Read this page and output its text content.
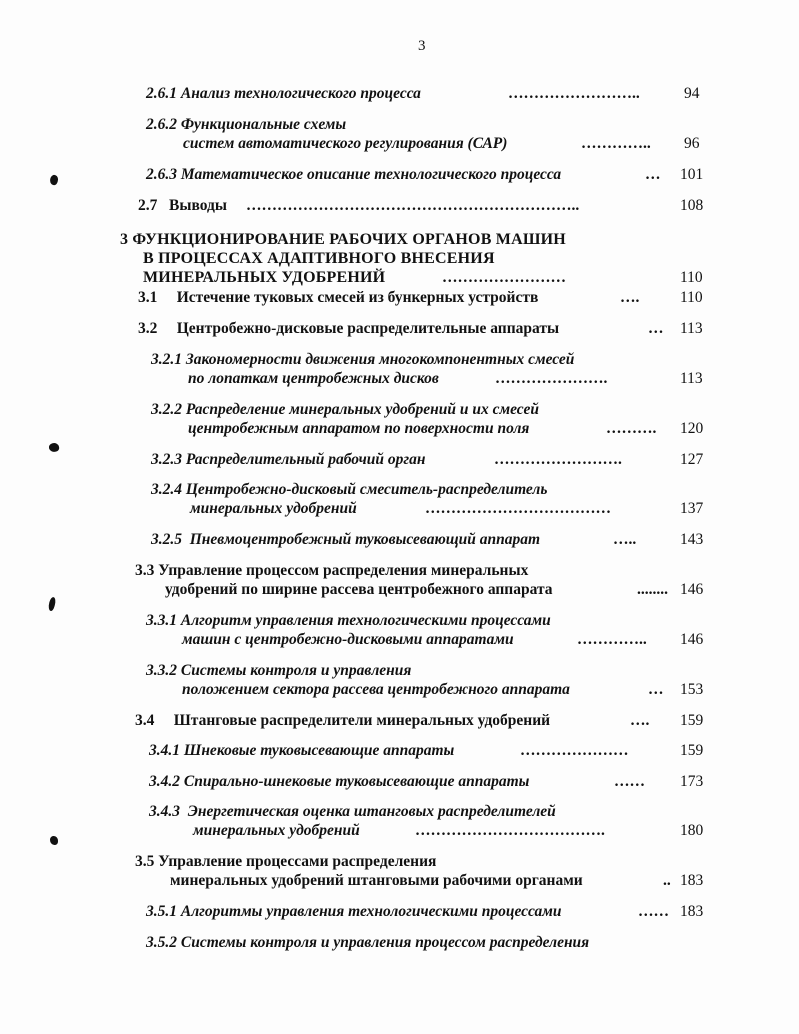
3
2.6.1 Анализ технологического процесса	……………………..	94
2.6.2 Функциональные схемы
систем автоматического регулирования (САР)	………….. 96
2.6.3 Математическое описание технологического процесса	… 101
2.7 Выводы ………………………………………………………..	108
3 ФУНКЦИОНИРОВАНИЕ РАБОЧИХ ОРГАНОВ МАШИН
В ПРОЦЕССАХ АДАПТИВНОГО ВНЕСЕНИЯ
МИНЕРАЛЬНЫХ УДОБРЕНИЙ	……………………	110
3.1 Истечение туковых смесей из бункерных устройств	….	110
3.2 Центробежно-дисковые распределительные аппараты	… 113
3.2.1 Закономерности движения многокомпонентных смесей
по лопаткам центробежных дисков	………………….	113
3.2.2 Распределение минеральных удобрений и их смесей
центробежным аппаратом по поверхности поля	………. 120
3.2.3 Распределительный рабочий орган	…………………….	127
3.2.4 Центробежно-дисковый смеситель-распределитель
минеральных удобрений	………………………………	137
3.2.5 Пневмоцентробежный туковысевающий аппарат	…..	143
3.3 Управление процессом распределения минеральных
удобрений по ширине рассева центробежного аппарата	........ 146
3.3.1 Алгоритм управления технологическими процессами
машин с центробежно-дисковыми аппаратами	………….. 146
3.3.2 Системы контроля и управления
положением сектора рассева центробежного аппарата	… 153
3.4 Штанговые распределители минеральных удобрений	…. 159
3.4.1 Шнековые туковысевающие аппараты	…………………	159
3.4.2 Спирально-шнековые туковысевающие аппараты	…… 173
3.4.3 Энергетическая оценка штанговых распределителей
минеральных удобрений	……………………………….	180
3.5 Управление процессами распределения
минеральных удобрений штанговыми рабочими органами	.. 183
3.5.1 Алгоритмы управления технологическими процессами	…… 183
3.5.2 Системы контроля и управления процессом распределения
